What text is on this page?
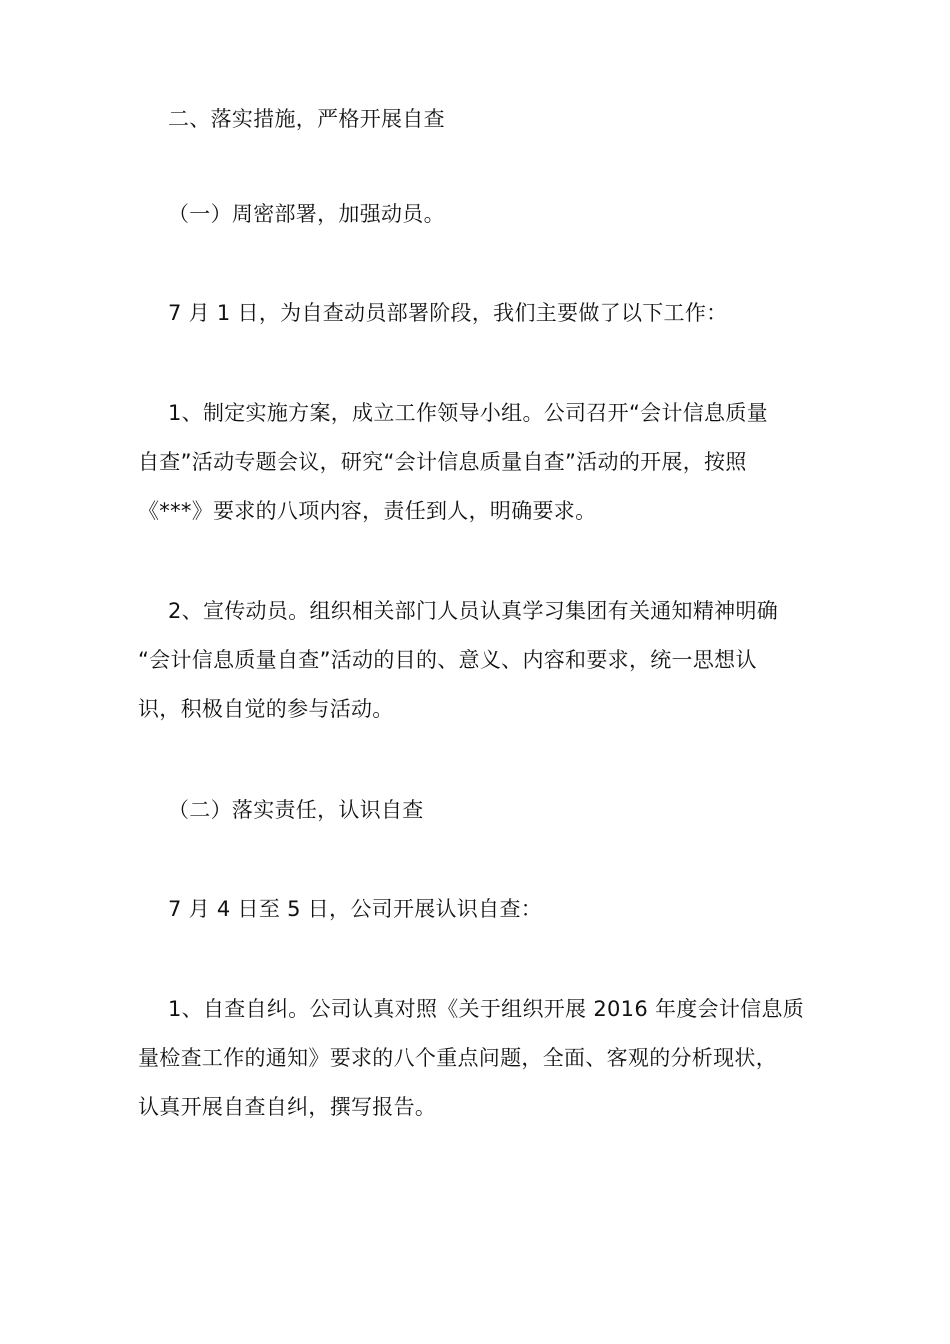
二、落实措施，严格开展自查

（一）周密部署，加强动员。

7 月 1 日，为自查动员部署阶段，我们主要做了以下工作：

1、制定实施方案，成立工作领导小组。公司召开“会计信息质量
自查”活动专题会议，研究“会计信息质量自查”活动的开展，按照
《***》要求的八项内容，责任到人，明确要求。

2、宣传动员。组织相关部门人员认真学习集团有关通知精神明确
“会计信息质量自查”活动的目的、意义、内容和要求，统一思想认
识，积极自觉的参与活动。

（二）落实责任，认识自查

7 月 4 日至 5 日，公司开展认识自查：

1、自查自纠。公司认真对照《关于组织开展 2016 年度会计信息质
量检查工作的通知》要求的八个重点问题，全面、客观的分析现状，
认真开展自查自纠，撰写报告。
